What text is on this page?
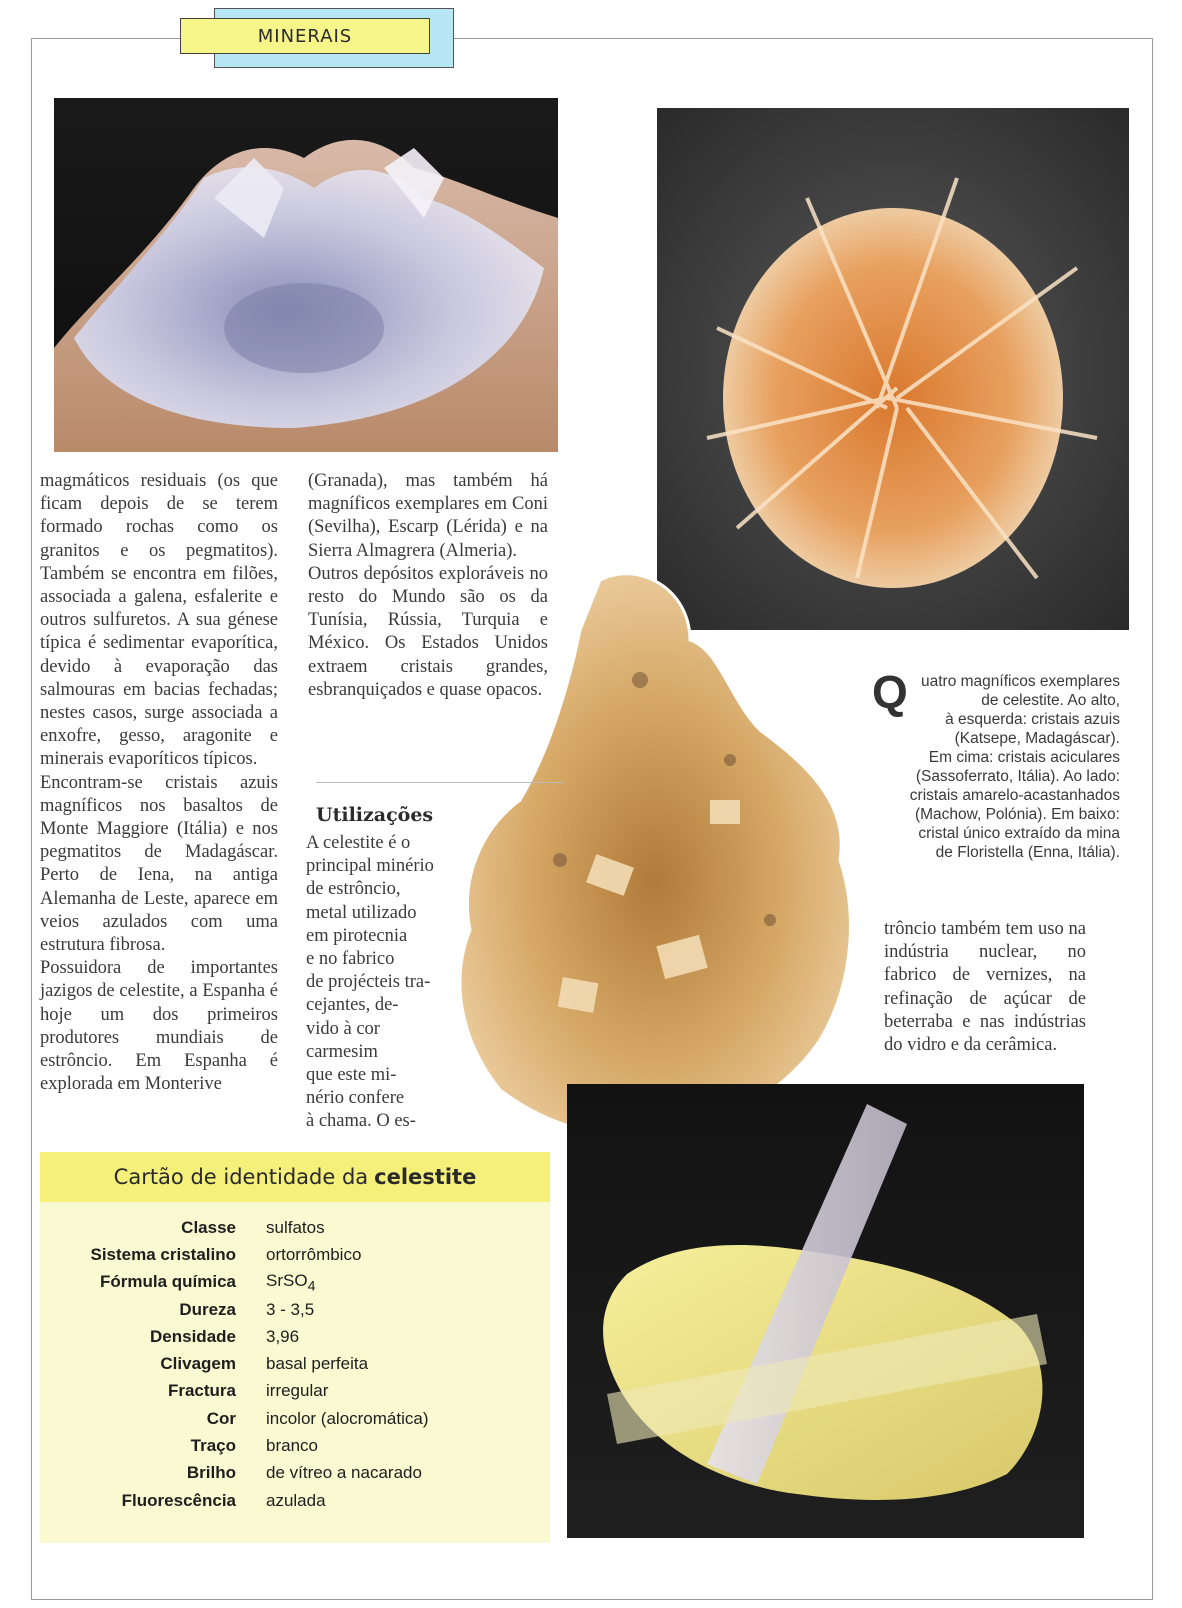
MINERAIS

magmáticos residuais (os que ficam depois de se terem formado rochas como os granitos e os pegmatitos). Também se encontra em filões, associada a galena, esfalerite e outros sulfuretos. A sua génese típica é sedimentar evaporítica, devido à evaporação das salmouras em bacias fechadas; nestes casos, surge associada a enxofre, gesso, aragonite e minerais evaporíticos típicos.

Encontram-se cristais azuis magníficos nos basaltos de Monte Maggiore (Itália) e nos pegmatitos de Madagáscar. Perto de Iena, na antiga Alemanha de Leste, aparece em veios azulados com uma estrutura fibrosa.

Possuidora de importantes jazigos de celestite, a Espanha é hoje um dos primeiros produtores mundiais de estrôncio. Em Espanha é explorada em Monterive

(Granada), mas também há magníficos exemplares em Coni (Sevilha), Escarp (Lérida) e na Sierra Almagrera (Almeria).

Outros depósitos exploráveis no resto do Mundo são os da Tunísia, Rússia, Turquia e México. Os Estados Unidos extraem cristais grandes, esbranquiçados e quase opacos.

Utilizações
A celestite é o
principal minério
de estrôncio,
metal utilizado
em pirotecnia
e no fabrico
de projécteis tra-
cejantes, de-
vido à cor
carmesim
que este mi-
nério confere
à chama. O es-
Q uatro magníficos exemplares
de celestite. Ao alto,
à esquerda: cristais azuis
(Katsepe, Madagáscar).
Em cima: cristais aciculares
(Sassoferrato, Itália). Ao lado:
cristais amarelo-acastanhados
(Machow, Polónia). Em baixo:
cristal único extraído da mina
de Floristella (Enna, Itália).

trôncio também tem uso na indústria nuclear, no fabrico de vernizes, na refinação de açúcar de beterraba e nas indústrias do vidro e da cerâmica.

Cartão de identidade da celestite
Classe	sulfatos
Sistema cristalino	ortorrômbico
Fórmula química	SrSO$_4$
Dureza	3 - 3,5
Densidade	3,96
Clivagem	basal perfeita
Fractura	irregular
Cor	incolor (alocromática)
Traço	branco
Brilho	de vítreo a nacarado
Fluorescência	azulada
